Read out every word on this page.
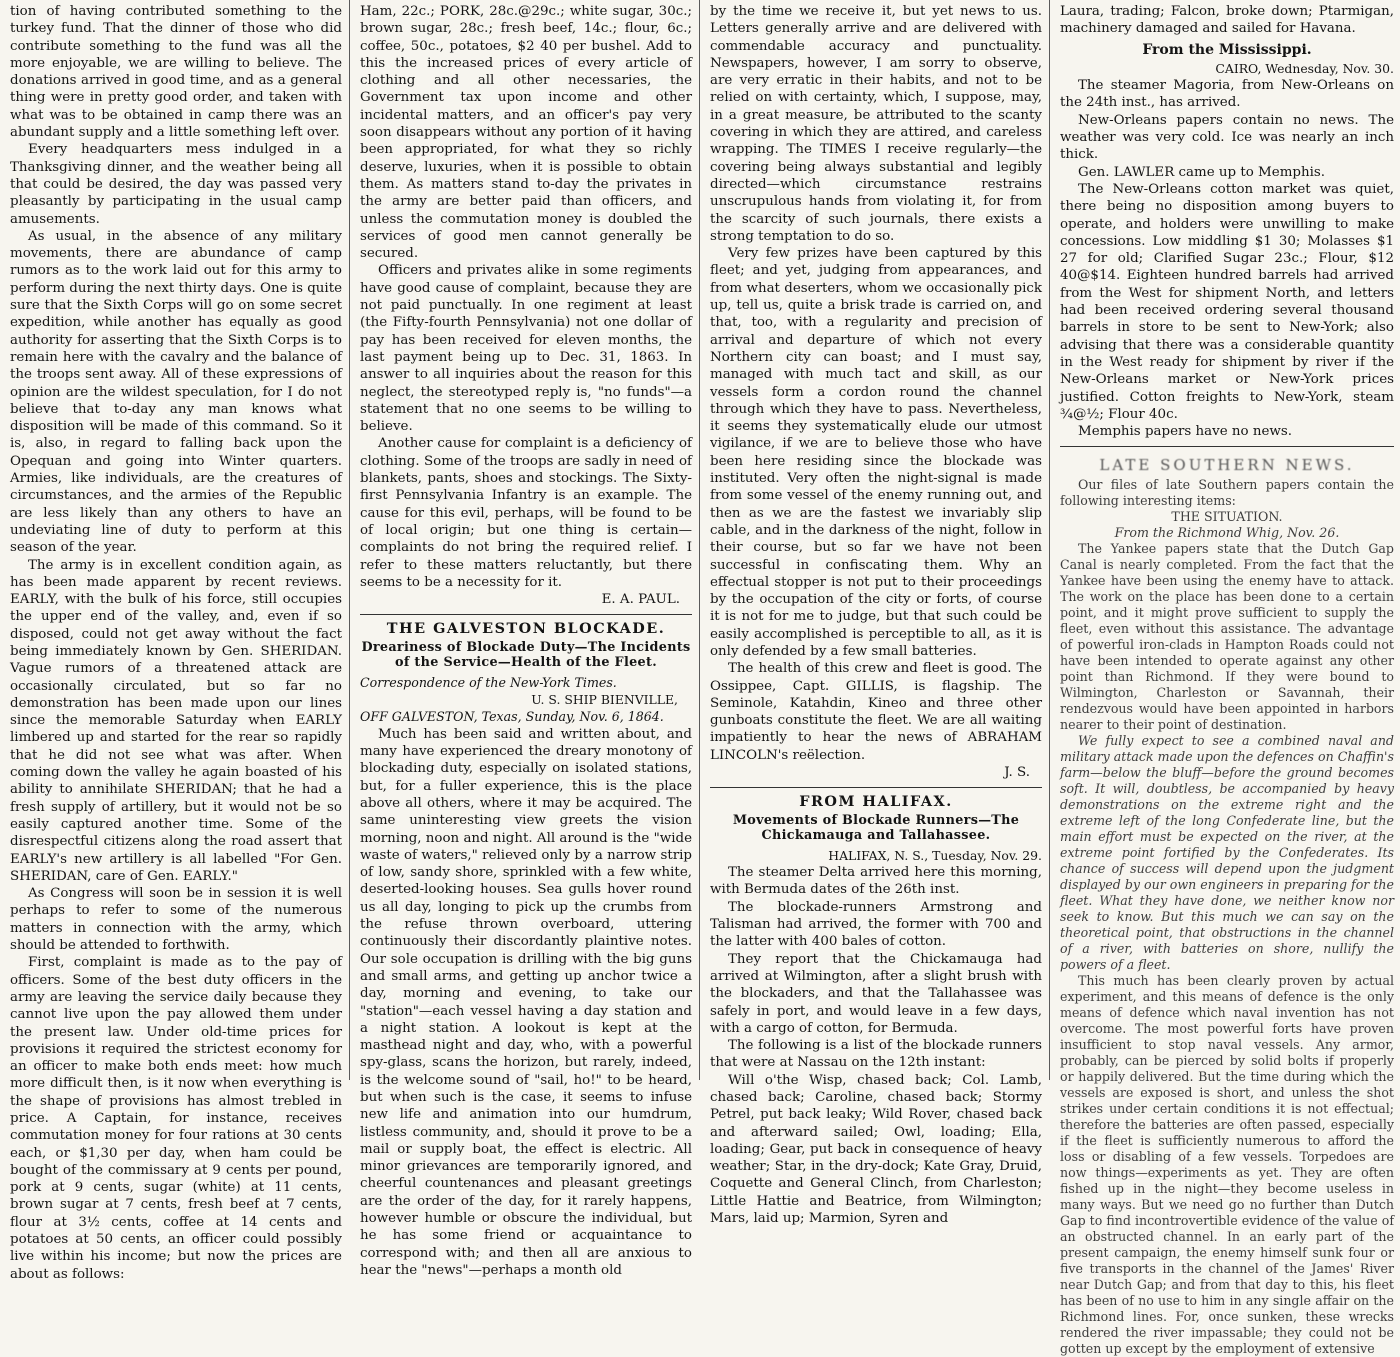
tion of having contributed something to the turkey fund. That the dinner of those who did contribute something to the fund was all the more enjoyable, we are willing to believe. The donations arrived in good time, and as a general thing were in pretty good order, and taken with what was to be obtained in camp there was an abundant supply and a little something left over.

Every headquarters mess indulged in a Thanksgiving dinner, and the weather being all that could be desired, the day was passed very pleasantly by participating in the usual camp amusements.

As usual, in the absence of any military movements, there are abundance of camp rumors as to the work laid out for this army to perform during the next thirty days. One is quite sure that the Sixth Corps will go on some secret expedition, while another has equally as good authority for asserting that the Sixth Corps is to remain here with the cavalry and the balance of the troops sent away. All of these expressions of opinion are the wildest speculation, for I do not believe that to-day any man knows what disposition will be made of this command. So it is, also, in regard to falling back upon the Opequan and going into Winter quarters. Armies, like individuals, are the creatures of circumstances, and the armies of the Republic are less likely than any others to have an undeviating line of duty to perform at this season of the year.

The army is in excellent condition again, as has been made apparent by recent reviews. EARLY, with the bulk of his force, still occupies the upper end of the valley, and, even if so disposed, could not get away without the fact being immediately known by Gen. SHERIDAN. Vague rumors of a threatened attack are occasionally circulated, but so far no demonstration has been made upon our lines since the memorable Saturday when EARLY limbered up and started for the rear so rapidly that he did not see what was after. When coming down the valley he again boasted of his ability to annihilate SHERIDAN; that he had a fresh supply of artillery, but it would not be so easily captured another time. Some of the disrespectful citizens along the road assert that EARLY's new artillery is all labelled "For Gen. SHERIDAN, care of Gen. EARLY."

As Congress will soon be in session it is well perhaps to refer to some of the numerous matters in connection with the army, which should be attended to forthwith.

First, complaint is made as to the pay of officers. Some of the best duty officers in the army are leaving the service daily because they cannot live upon the pay allowed them under the present law. Under old-time prices for provisions it required the strictest economy for an officer to make both ends meet: how much more difficult then, is it now when everything is the shape of provisions has almost trebled in price. A Captain, for instance, receives commutation money for four rations at 30 cents each, or $1,30 per day, when ham could be bought of the commissary at 9 cents per pound, pork at 9 cents, sugar (white) at 11 cents, brown sugar at 7 cents, fresh beef at 7 cents, flour at 3½ cents, coffee at 14 cents and potatoes at 50 cents, an officer could possibly live within his income; but now the prices are about as follows:

Ham, 22c.; PORK, 28c.@29c.; white sugar, 30c.; brown sugar, 28c.; fresh beef, 14c.; flour, 6c.; coffee, 50c., potatoes, $2 40 per bushel. Add to this the increased prices of every article of clothing and all other necessaries, the Government tax upon income and other incidental matters, and an officer's pay very soon disappears without any portion of it having been appropriated, for what they so richly deserve, luxuries, when it is possible to obtain them. As matters stand to-day the privates in the army are better paid than officers, and unless the commutation money is doubled the services of good men cannot generally be secured.

Officers and privates alike in some regiments have good cause of complaint, because they are not paid punctually. In one regiment at least (the Fifty-fourth Pennsylvania) not one dollar of pay has been received for eleven months, the last payment being up to Dec. 31, 1863. In answer to all inquiries about the reason for this neglect, the stereotyped reply is, "no funds"—a statement that no one seems to be willing to believe.

Another cause for complaint is a deficiency of clothing. Some of the troops are sadly in need of blankets, pants, shoes and stockings. The Sixty-first Pennsylvania Infantry is an example. The cause for this evil, perhaps, will be found to be of local origin; but one thing is certain—complaints do not bring the required relief. I refer to these matters reluctantly, but there seems to be a necessity for it.

E. A. PAUL.

THE GALVESTON BLOCKADE.
Dreariness of Blockade Duty—The Incidents of the Service—Health of the Fleet.

Correspondence of the New-York Times.

U. S. SHIP BIENVILLE,

OFF GALVESTON, Texas, Sunday, Nov. 6, 1864.

Much has been said and written about, and many have experienced the dreary monotony of blockading duty, especially on isolated stations, but, for a fuller experience, this is the place above all others, where it may be acquired. The same uninteresting view greets the vision morning, noon and night. All around is the "wide waste of waters," relieved only by a narrow strip of low, sandy shore, sprinkled with a few white, deserted-looking houses. Sea gulls hover round us all day, longing to pick up the crumbs from the refuse thrown overboard, uttering continuously their discordantly plaintive notes. Our sole occupation is drilling with the big guns and small arms, and getting up anchor twice a day, morning and evening, to take our "station"—each vessel having a day station and a night station. A lookout is kept at the masthead night and day, who, with a powerful spy-glass, scans the horizon, but rarely, indeed, is the welcome sound of "sail, ho!" to be heard, but when such is the case, it seems to infuse new life and animation into our humdrum, listless community, and, should it prove to be a mail or supply boat, the effect is electric. All minor grievances are temporarily ignored, and cheerful countenances and pleasant greetings are the order of the day, for it rarely happens, however humble or obscure the individual, but he has some friend or acquaintance to correspond with; and then all are anxious to hear the "news"—perhaps a month old

by the time we receive it, but yet news to us. Letters generally arrive and are delivered with commendable accuracy and punctuality. Newspapers, however, I am sorry to observe, are very erratic in their habits, and not to be relied on with certainty, which, I suppose, may, in a great measure, be attributed to the scanty covering in which they are attired, and careless wrapping. The TIMES I receive regularly—the covering being always substantial and legibly directed—which circumstance restrains unscrupulous hands from violating it, for from the scarcity of such journals, there exists a strong temptation to do so.

Very few prizes have been captured by this fleet; and yet, judging from appearances, and from what deserters, whom we occasionally pick up, tell us, quite a brisk trade is carried on, and that, too, with a regularity and precision of arrival and departure of which not every Northern city can boast; and I must say, managed with much tact and skill, as our vessels form a cordon round the channel through which they have to pass. Nevertheless, it seems they systematically elude our utmost vigilance, if we are to believe those who have been here residing since the blockade was instituted. Very often the night-signal is made from some vessel of the enemy running out, and then as we are the fastest we invariably slip cable, and in the darkness of the night, follow in their course, but so far we have not been successful in confiscating them. Why an effectual stopper is not put to their proceedings by the occupation of the city or forts, of course it is not for me to judge, but that such could be easily accomplished is perceptible to all, as it is only defended by a few small batteries.

The health of this crew and fleet is good. The Ossippee, Capt. GILLIS, is flagship. The Seminole, Katahdin, Kineo and three other gunboats constitute the fleet. We are all waiting impatiently to hear the news of ABRAHAM LINCOLN's reëlection.

J. S.

FROM HALIFAX.
Movements of Blockade Runners—The Chickamauga and Tallahassee.

HALIFAX, N. S., Tuesday, Nov. 29.

The steamer Delta arrived here this morning, with Bermuda dates of the 26th inst.

The blockade-runners Armstrong and Talisman had arrived, the former with 700 and the latter with 400 bales of cotton.

They report that the Chickamauga had arrived at Wilmington, after a slight brush with the blockaders, and that the Tallahassee was safely in port, and would leave in a few days, with a cargo of cotton, for Bermuda.

The following is a list of the blockade runners that were at Nassau on the 12th instant:

Will o'the Wisp, chased back; Col. Lamb, chased back; Caroline, chased back; Stormy Petrel, put back leaky; Wild Rover, chased back and afterward sailed; Owl, loading; Ella, loading; Gear, put back in consequence of heavy weather; Star, in the dry-dock; Kate Gray, Druid, Coquette and General Clinch, from Charleston; Little Hattie and Beatrice, from Wilmington; Mars, laid up; Marmion, Syren and

Laura, trading; Falcon, broke down; Ptarmigan, machinery damaged and sailed for Havana.

From the Mississippi.

CAIRO, Wednesday, Nov. 30.

The steamer Magoria, from New-Orleans on the 24th inst., has arrived.

New-Orleans papers contain no news. The weather was very cold. Ice was nearly an inch thick.

Gen. LAWLER came up to Memphis.

The New-Orleans cotton market was quiet, there being no disposition among buyers to operate, and holders were unwilling to make concessions. Low middling $1 30; Molasses $1 27 for old; Clarified Sugar 23c.; Flour, $12 40@$14. Eighteen hundred barrels had arrived from the West for shipment North, and letters had been received ordering several thousand barrels in store to be sent to New-York; also advising that there was a considerable quantity in the West ready for shipment by river if the New-Orleans market or New-York prices justified. Cotton freights to New-York, steam ¾@½; Flour 40c.

Memphis papers have no news.

LATE SOUTHERN NEWS.

Our files of late Southern papers contain the following interesting items:

THE SITUATION.

From the Richmond Whig, Nov. 26.

The Yankee papers state that the Dutch Gap Canal is nearly completed. From the fact that the Yankee have been using the enemy have to attack. The work on the place has been done to a certain point, and it might prove sufficient to supply the fleet, even without this assistance. The advantage of powerful iron-clads in Hampton Roads could not have been intended to operate against any other point than Richmond. If they were bound to Wilmington, Charleston or Savannah, their rendezvous would have been appointed in harbors nearer to their point of destination.

We fully expect to see a combined naval and military attack made upon the defences on Chaffin's farm—below the bluff—before the ground becomes soft. It will, doubtless, be accompanied by heavy demonstrations on the extreme right and the extreme left of the long Confederate line, but the main effort must be expected on the river, at the extreme point fortified by the Confederates. Its chance of success will depend upon the judgment displayed by our own engineers in preparing for the fleet. What they have done, we neither know nor seek to know. But this much we can say on the theoretical point, that obstructions in the channel of a river, with batteries on shore, nullify the powers of a fleet.

This much has been clearly proven by actual experiment, and this means of defence is the only means of defence which naval invention has not overcome. The most powerful forts have proven insufficient to stop naval vessels. Any armor, probably, can be pierced by solid bolts if properly or happily delivered. But the time during which the vessels are exposed is short, and unless the shot strikes under certain conditions it is not effectual; therefore the batteries are often passed, especially if the fleet is sufficiently numerous to afford the loss or disabling of a few vessels. Torpedoes are now things—experiments as yet. They are often fished up in the night—they become useless in many ways. But we need go no further than Dutch Gap to find incontrovertible evidence of the value of an obstructed channel. In an early part of the present campaign, the enemy himself sunk four or five transports in the channel of the James' River near Dutch Gap; and from that day to this, his fleet has been of no use to him in any single affair on the Richmond lines. For, once sunken, these wrecks rendered the river impassable; they could not be gotten up except by the employment of extensive
